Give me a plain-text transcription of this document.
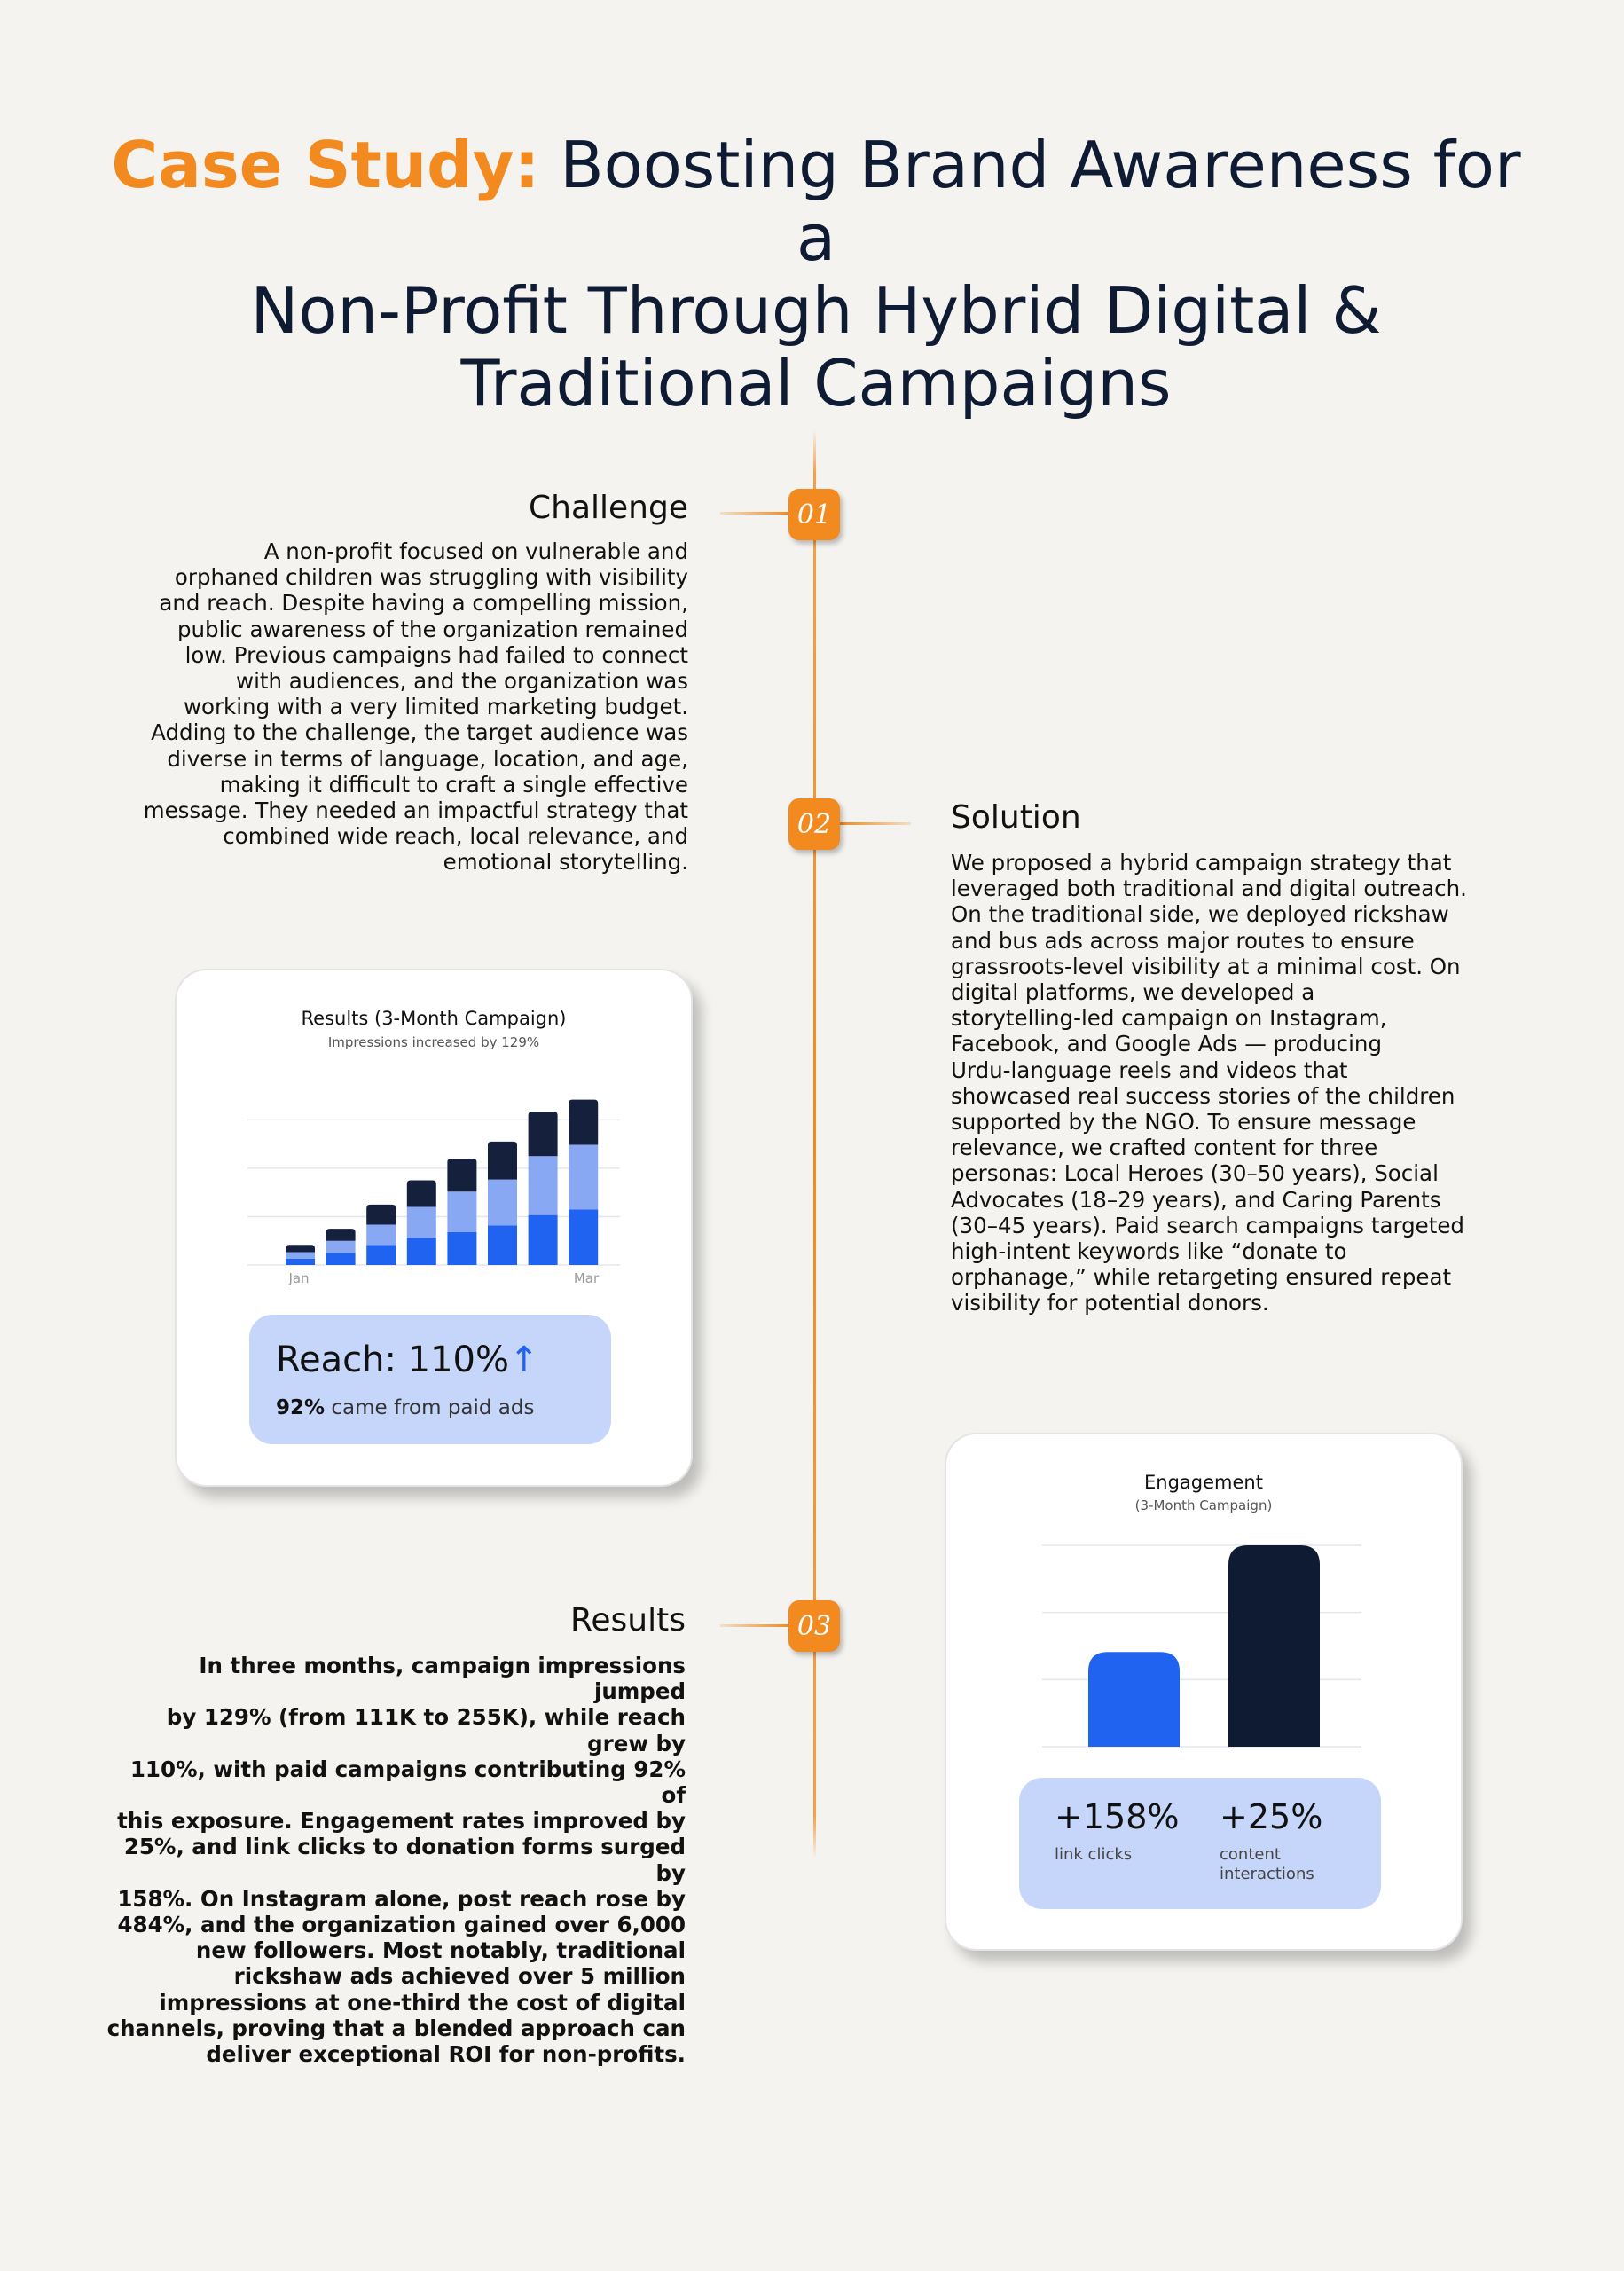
Case Study: Boosting Brand Awareness for a
Non-Profit Through Hybrid Digital &
Traditional Campaigns
01
Challenge
A non-profit focused on vulnerable and
orphaned children was struggling with visibility
and reach. Despite having a compelling mission,
public awareness of the organization remained
low. Previous campaigns had failed to connect
with audiences, and the organization was
working with a very limited marketing budget.
Adding to the challenge, the target audience was
diverse in terms of language, location, and age,
making it difficult to craft a single effective
message. They needed an impactful strategy that
combined wide reach, local relevance, and
emotional storytelling.
02	Solution
We proposed a hybrid campaign strategy that
leveraged both traditional and digital outreach.
On the traditional side, we deployed rickshaw
and bus ads across major routes to ensure
grassroots-level visibility at a minimal cost. On
digital platforms, we developed a
storytelling-led campaign on Instagram,
Facebook, and Google Ads — producing
Urdu-language reels and videos that
showcased real success stories of the children
supported by the NGO. To ensure message
relevance, we crafted content for three
personas: Local Heroes (30–50 years), Social
Advocates (18–29 years), and Caring Parents
(30–45 years). Paid search campaigns targeted
high-intent keywords like “donate to
orphanage,” while retargeting ensured repeat
visibility for potential donors.
03
Results
In three months, campaign impressions jumped
by 129% (from 111K to 255K), while reach grew by
110%, with paid campaigns contributing 92% of
this exposure. Engagement rates improved by
25%, and link clicks to donation forms surged by
158%. On Instagram alone, post reach rose by
484%, and the organization gained over 6,000
new followers. Most notably, traditional
rickshaw ads achieved over 5 million
impressions at one-third the cost of digital
channels, proving that a blended approach can
deliver exceptional ROI for non-profits.
Results (3-Month Campaign)
Impressions increased by 129%
Jan	Mar
Reach: 110%↑
92% came from paid ads
Engagement
(3-Month Campaign)
+158%
link clicks
+25%
content
interactions
